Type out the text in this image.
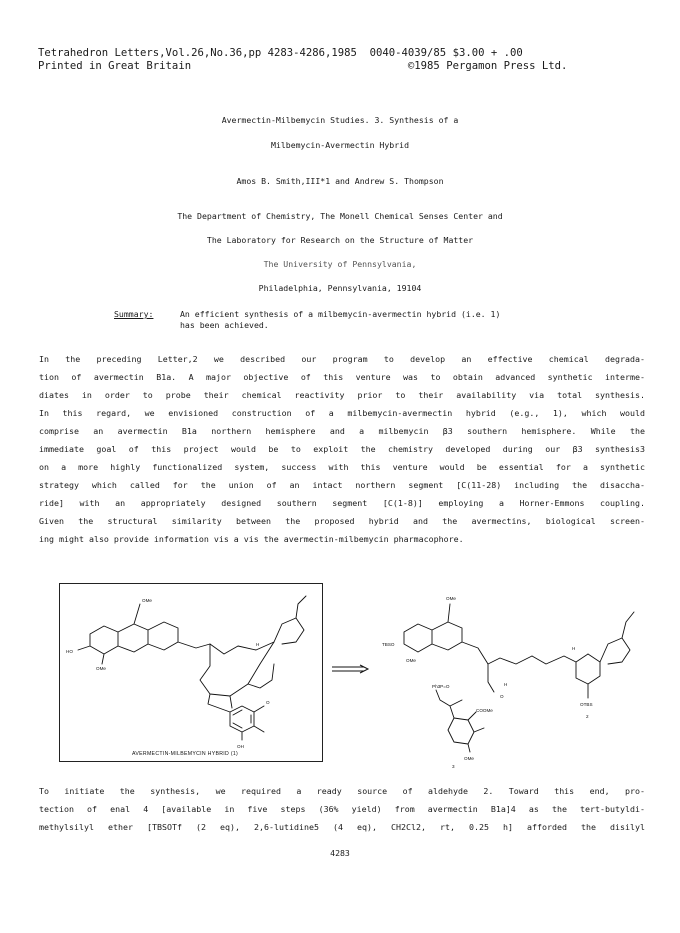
Tetrahedron Letters,Vol.26,No.36,pp 4283-4286,1985  0040-4039/85 $3.00 + .00
Printed in Great Britain                                  ©1985 Pergamon Press Ltd.
Avermectin-Milbemycin Studies. 3. Synthesis of a
Milbemycin-Avermectin Hybrid
Amos B. Smith,III*1 and Andrew S. Thompson
The Department of Chemistry, The Monell Chemical Senses Center and
The Laboratory for Research on the Structure of Matter
The University of Pennsylvania,
Philadelphia, Pennsylvania, 19104
Summary:	An efficient synthesis of a milbemycin-avermectin hybrid (i.e. 1)
has been achieved.
In the preceding Letter,2 we described our program to develop an effective chemical degrada-
tion of avermectin B1a. A major objective of this venture was to obtain advanced synthetic interme-
diates in order to probe their chemical reactivity prior to their availability via total synthesis.
In this regard, we envisioned construction of a milbemycin-avermectin hybrid (e.g., 1), which would
comprise an avermectin B1a northern hemisphere and a milbemycin β3 southern hemisphere. While the
immediate goal of this project would be to exploit the chemistry developed during our β3 synthesis3
on a more highly functionalized system, success with this venture would be essential for a synthetic
strategy which called for the union of an intact northern segment [C(11-28) including the disaccha-
ride] with an appropriately designed southern segment [C(1-8)] employing a Horner-Emmons coupling.
Given the structural similarity between the proposed hybrid and the avermectins, biological screen-
ing might also provide information vis a vis the avermectin-milbemycin pharmacophore.
OMe
HO
OMe
H
O
OH
AVERMECTIN-MILBEMYCIN HYBRID (1)
OMe
TBSO
OMe
H
H
O
OTBS
2
Ph3P=O
COOMe
OMe
3
To initiate the synthesis, we required a ready source of aldehyde 2. Toward this end, pro-
tection of enal 4 [available in five steps (36% yield) from avermectin B1a]4 as the tert-butyldi-
methylsilyl ether [TBSOTf (2 eq), 2,6-lutidine5 (4 eq), CH2Cl2, rt, 0.25 h] afforded the disilyl
4283
